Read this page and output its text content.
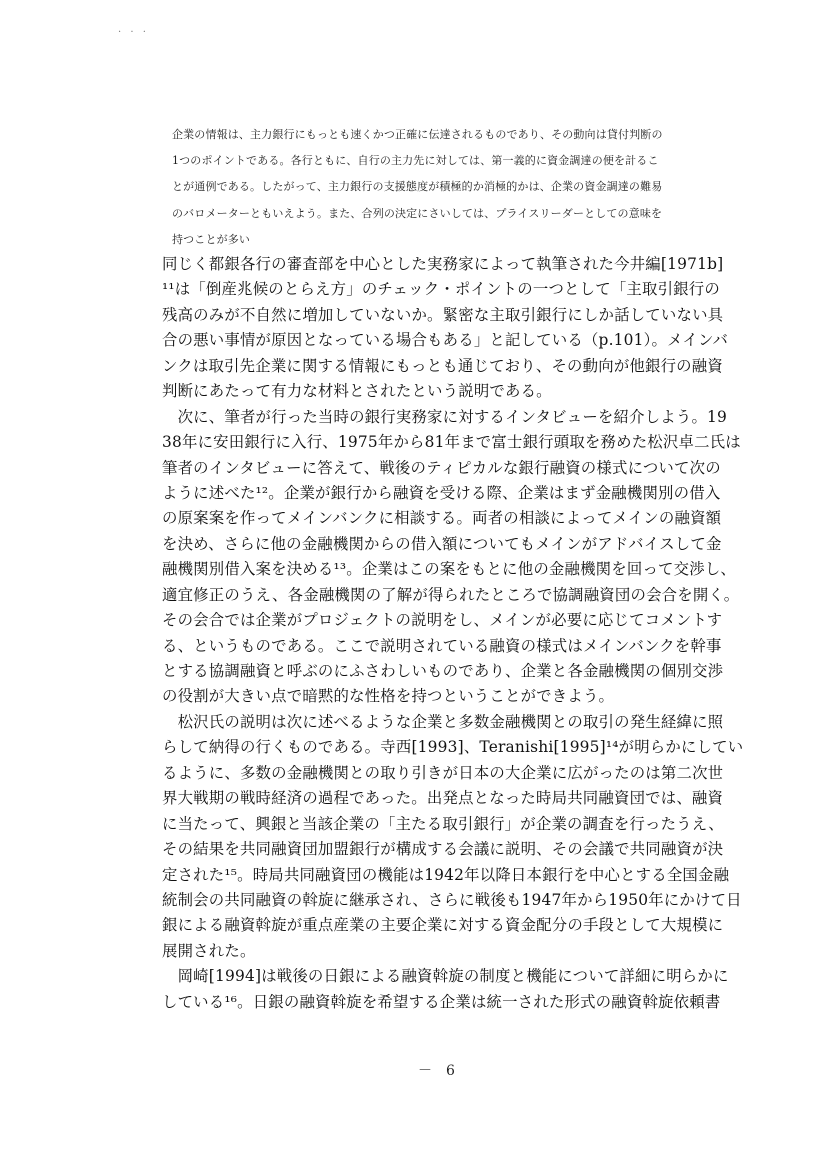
. . .
企業の情報は、主力銀行にもっとも速くかつ正確に伝達されるものであり、その動向は貸付判断の
1つのポイントである。各行ともに、自行の主力先に対しては、第一義的に資金調達の便を計るこ
とが通例である。したがって、主力銀行の支援態度が積極的か消極的かは、企業の資金調達の難易
のバロメーターともいえよう。また、合列の決定にさいしては、プライスリーダーとしての意味を
持つことが多い
同じく都銀各行の審査部を中心とした実務家によって執筆された今井編[1971b]
¹¹は「倒産兆候のとらえ方」のチェック・ポイントの一つとして「主取引銀行の
残高のみが不自然に増加していないか。緊密な主取引銀行にしか話していない具
合の悪い事情が原因となっている場合もある」と記している（p.101）。メインバ
ンクは取引先企業に関する情報にもっとも通じており、その動向が他銀行の融資
判断にあたって有力な材料とされたという説明である。
　次に、筆者が行った当時の銀行実務家に対するインタビューを紹介しよう。19
38年に安田銀行に入行、1975年から81年まで富士銀行頭取を務めた松沢卓二氏は
筆者のインタビューに答えて、戦後のティピカルな銀行融資の様式について次の
ように述べた¹²。企業が銀行から融資を受ける際、企業はまず金融機関別の借入
の原案案を作ってメインバンクに相談する。両者の相談によってメインの融資額
を決め、さらに他の金融機関からの借入額についてもメインがアドバイスして金
融機関別借入案を決める¹³。企業はこの案をもとに他の金融機関を回って交渉し、
適宜修正のうえ、各金融機関の了解が得られたところで協調融資団の会合を開く。
その会合では企業がプロジェクトの説明をし、メインが必要に応じてコメントす
る、というものである。ここで説明されている融資の様式はメインバンクを幹事
とする協調融資と呼ぶのにふさわしいものであり、企業と各金融機関の個別交渉
の役割が大きい点で暗黙的な性格を持つということができよう。
　松沢氏の説明は次に述べるような企業と多数金融機関との取引の発生経緯に照
らして納得の行くものである。寺西[1993]、Teranishi[1995]¹⁴が明らかにしてい
るように、多数の金融機関との取り引きが日本の大企業に広がったのは第二次世
界大戦期の戦時経済の過程であった。出発点となった時局共同融資団では、融資
に当たって、興銀と当該企業の「主たる取引銀行」が企業の調査を行ったうえ、
その結果を共同融資団加盟銀行が構成する会議に説明、その会議で共同融資が決
定された¹⁵。時局共同融資団の機能は1942年以降日本銀行を中心とする全国金融
統制会の共同融資の斡旋に継承され、さらに戦後も1947年から1950年にかけて日
銀による融資斡旋が重点産業の主要企業に対する資金配分の手段として大規模に
展開された。
　岡崎[1994]は戦後の日銀による融資斡旋の制度と機能について詳細に明らかに
している¹⁶。日銀の融資斡旋を希望する企業は統一された形式の融資斡旋依頼書
－　6
